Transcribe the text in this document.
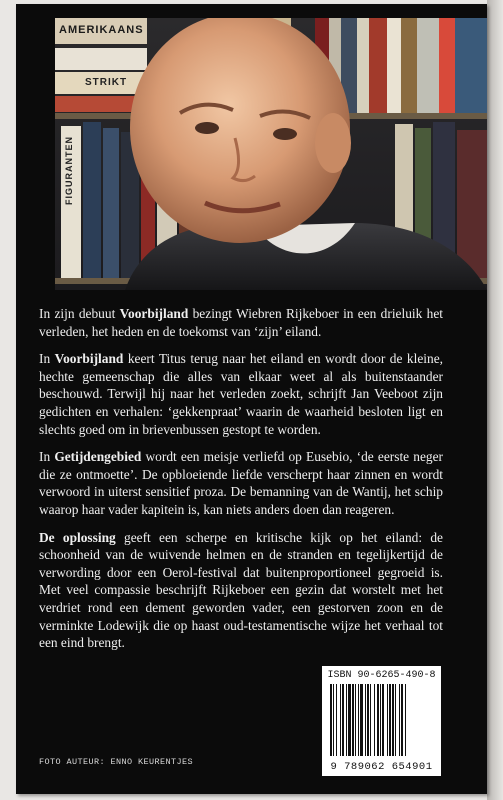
AMERIKAANS
STRIKT
FIGURANTEN

In zijn debuut Voorbijland bezingt Wiebren Rijkeboer in een drieluik het verleden, het heden en de toekomst van ‘zijn’ eiland.

In Voorbijland keert Titus terug naar het eiland en wordt door de kleine, hechte gemeenschap die alles van elkaar weet al als buitenstaander beschouwd. Terwijl hij naar het verleden zoekt, schrijft Jan Veeboot zijn gedichten en verhalen: ‘gekkenpraat’ waarin de waarheid besloten ligt en slechts goed om in brievenbussen gestopt te worden.

In Getijdengebied wordt een meisje verliefd op Eusebio, ‘de eerste neger die ze ontmoette’. De opbloeiende liefde verscherpt haar zinnen en wordt verwoord in uiterst sensitief proza. De bemanning van de Wantij, het schip waarop haar vader kapitein is, kan niets anders doen dan reageren.

De oplossing geeft een scherpe en kritische kijk op het eiland: de schoonheid van de wuivende helmen en de stranden en tegelijkertijd de verwording door een Oerol-festival dat buitenproportioneel gegroeid is. Met veel compassie beschrijft Rijkeboer een gezin dat worstelt met het verdriet rond een dement geworden vader, een gestorven zoon en de verminkte Lodewijk die op haast oud-testamentische wijze het verhaal tot een eind brengt.

ISBN 90-6265-490-8
9 789062 654901
FOTO AUTEUR: ENNO KEURENTJES
